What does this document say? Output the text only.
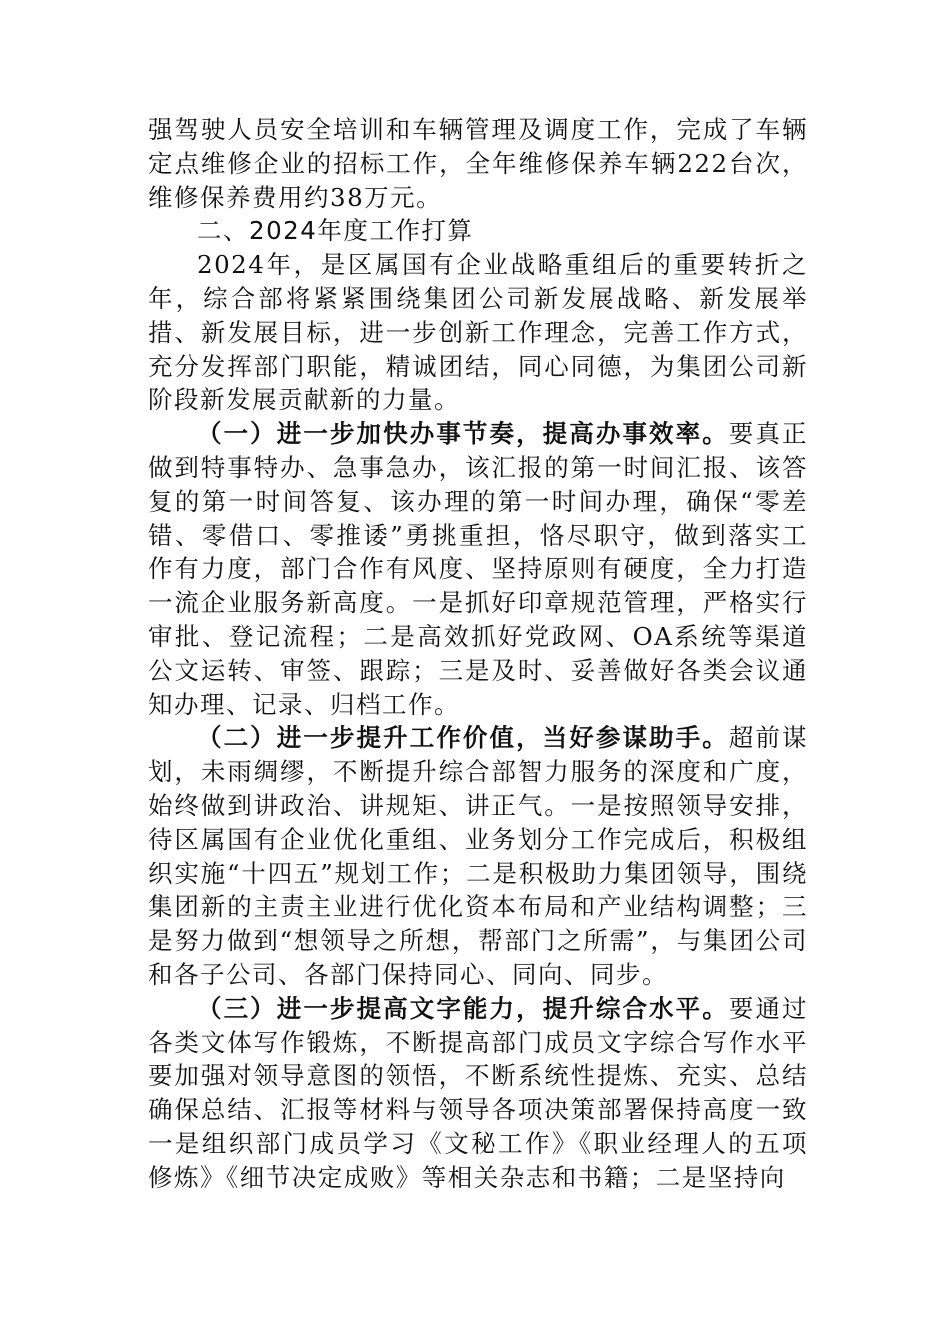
强驾驶人员安全培训和车辆管理及调度工作，完成了车辆定点维修企业的招标工作，全年维修保养车辆222台次，维修保养费用约38万元。

二、2024年度工作打算

2024年，是区属国有企业战略重组后的重要转折之年，综合部将紧紧围绕集团公司新发展战略、新发展举措、新发展目标，进一步创新工作理念，完善工作方式，充分发挥部门职能，精诚团结，同心同德，为集团公司新阶段新发展贡献新的力量。

（一）进一步加快办事节奏，提高办事效率。要真正做到特事特办、急事急办，该汇报的第一时间汇报、该答复的第一时间答复、该办理的第一时间办理，确保“零差错、零借口、零推诿”勇挑重担，恪尽职守，做到落实工作有力度，部门合作有风度、坚持原则有硬度，全力打造一流企业服务新高度。一是抓好印章规范管理，严格实行审批、登记流程；二是高效抓好党政网、OA系统等渠道公文运转、审签、跟踪；三是及时、妥善做好各类会议通知办理、记录、归档工作。

（二）进一步提升工作价值，当好参谋助手。超前谋划，未雨绸缪，不断提升综合部智力服务的深度和广度，始终做到讲政治、讲规矩、讲正气。一是按照领导安排，待区属国有企业优化重组、业务划分工作完成后，积极组织实施“十四五”规划工作；二是积极助力集团领导，围绕集团新的主责主业进行优化资本布局和产业结构调整；三是努力做到“想领导之所想，帮部门之所需”，与集团公司和各子公司、各部门保持同心、同向、同步。

（三）进一步提高文字能力，提升综合水平。要通过各类文体写作锻炼，不断提高部门成员文字综合写作水平要加强对领导意图的领悟，不断系统性提炼、充实、总结确保总结、汇报等材料与领导各项决策部署保持高度一致一是组织部门成员学习《文秘工作》《职业经理人的五项修炼》《细节决定成败》等相关杂志和书籍；二是坚持向
